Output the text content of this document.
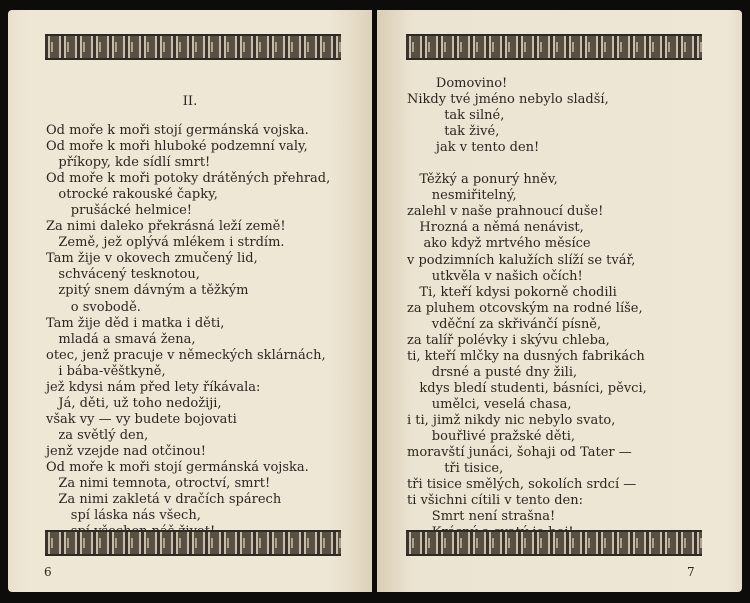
II.
Od moře k moři stojí germánská vojska.
Od moře k moři hluboké podzemní valy,
příkopy, kde sídlí smrt!
Od moře k moři potoky drátěných přehrad,
otrocké rakouské čapky,
prušácké helmice!
Za nimi daleko překrásná leží země!
Země, jež oplývá mlékem i strdím.
Tam žije v okovech zmučený lid,
schvácený tesknotou,
zpitý snem dávným a těžkým
o svobodě.
Tam žije děd i matka i děti,
mladá a smavá žena,
otec, jenž pracuje v německých sklárnách,
i bába-věštkyně,
jež kdysi nám před lety říkávala:
Já, děti, už toho nedožiji,
však vy — vy budete bojovati
za světlý den,
jenž vzejde nad otčinou!
Od moře k moři stojí germánská vojska.
Za nimi temnota, otroctví, smrt!
Za nimi zakletá v dračích spárech
spí láska nás všech,
6
Domovino!
Nikdy tvé jméno nebylo sladší,
tak silné,
tak živé,
jak v tento den!
Těžký a ponurý hněv,
nesmiřitelný,
zalehl v naše prahnoucí duše!
Hrozná a němá nenávist,
ako když mrtvého měsíce
v podzimních kalužích slíží se tvář,
utkvěla v našich očích!
Ti, kteří kdysi pokorně chodili
za pluhem otcovským na rodné líše,
vděční za skřivánčí písně,
za talíř polévky i skývu chleba,
ti, kteří mlčky na dusných fabrikách
drsné a pusté dny žili,
kdys bledí studenti, básníci, pěvci,
umělci, veselá chasa,
i ti, jimž nikdy nic nebylo svato,
bouřlivé pražské děti,
moravští junáci, šohaji od Tater —
tři tisice,
tři tisice smělých, sokolích srdcí —
ti všichni cítili v tento den:
Smrt není strašna!
7
